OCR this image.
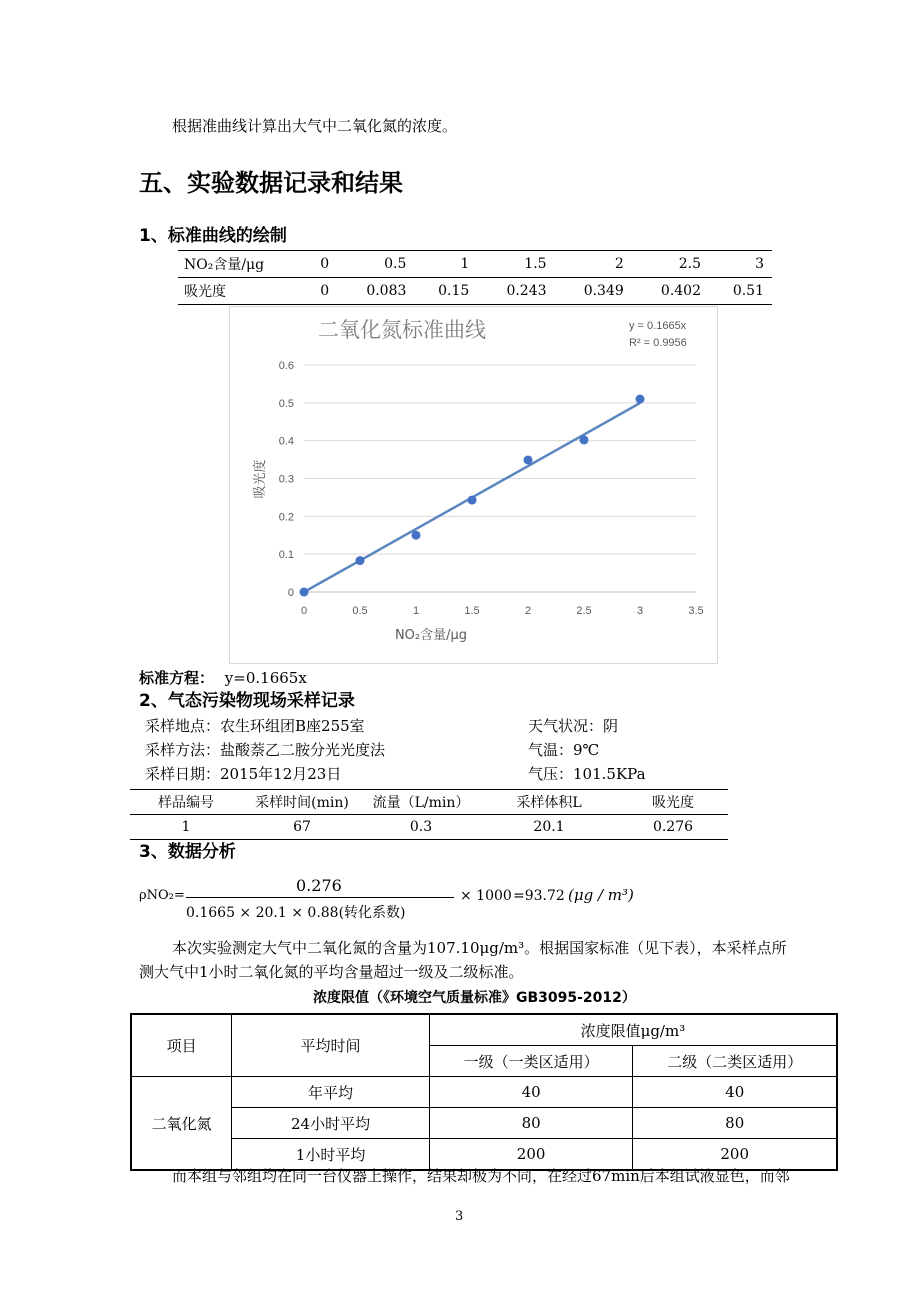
根据准曲线计算出大气中二氧化氮的浓度。
五、实验数据记录和结果
1、标准曲线的绘制
NO₂含量/μg	0	0.5	1	1.5	2	2.5	3
吸光度	0	0.083	0.15	0.243	0.349	0.402	0.51
0
0.1
0.2
0.3
0.4
0.5
0.6
0	0.5	1	1.5	2	2.5	3	3.5
二氧化氮标准曲线	y = 0.1665x
R² = 0.9956
NO₂含量/μg
吸光度
标准方程： y=0.1665x
2、气态污染物现场采样记录
采样地点：农生环组团B座255室
采样方法：盐酸萘乙二胺分光光度法
采样日期：2015年12月23日
天气状况：阴
气温：9℃
气压：101.5KPa
样品编号	采样时间(min)	流量（L/min）	采样体积L	吸光度
1	67	0.3	20.1	0.276
3、数据分析
ρNO₂=
0.276
0.1665 × 20.1 × 0.88(转化系数)
× 1000 =93.72 (μg / m³)
本次实验测定大气中二氧化氮的含量为107.10μg/m³。根据国家标准（见下表），本采样点所
测大气中1小时二氧化氮的平均含量超过一级及二级标准。
浓度限值（《环境空气质量标准》GB3095-2012）
项目	平均时间	浓度限值μg/m³	
		一级（一类区适用）	二级（二类区适用）
二氧化氮	年平均	40	40
	24小时平均	80	80
	1小时平均	200	200
而本组与邻组均在同一台仪器上操作，结果却极为不同，在经过67min后本组试液显色，而邻
3
